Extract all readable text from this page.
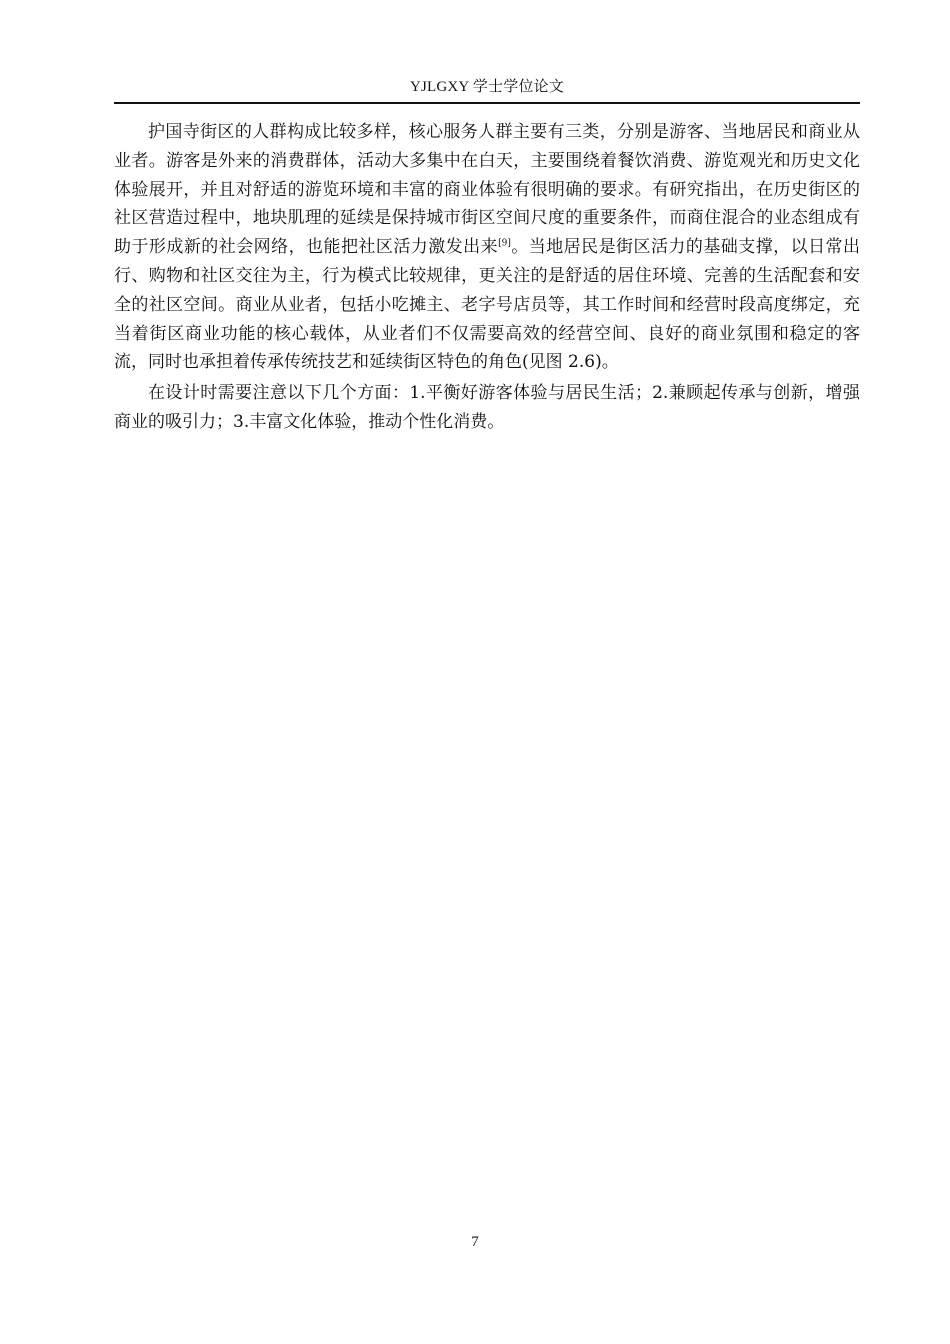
YJLGXY 学士学位论文

护国寺街区的人群构成比较多样，核心服务人群主要有三类，分别是游客、当地居民和商业从业者。游客是外来的消费群体，活动大多集中在白天，主要围绕着餐饮消费、游览观光和历史文化体验展开，并且对舒适的游览环境和丰富的商业体验有很明确的要求。有研究指出，在历史街区的社区营造过程中，地块肌理的延续是保持城市街区空间尺度的重要条件，而商住混合的业态组成有助于形成新的社会网络，也能把社区活力激发出来[9]。当地居民是街区活力的基础支撑，以日常出行、购物和社区交往为主，行为模式比较规律，更关注的是舒适的居住环境、完善的生活配套和安全的社区空间。商业从业者，包括小吃摊主、老字号店员等，其工作时间和经营时段高度绑定，充当着街区商业功能的核心载体，从业者们不仅需要高效的经营空间、良好的商业氛围和稳定的客流，同时也承担着传承传统技艺和延续街区特色的角色(见图 2.6)。

在设计时需要注意以下几个方面：1.平衡好游客体验与居民生活；2.兼顾起传承与创新，增强商业的吸引力；3.丰富文化体验，推动个性化消费。

7
